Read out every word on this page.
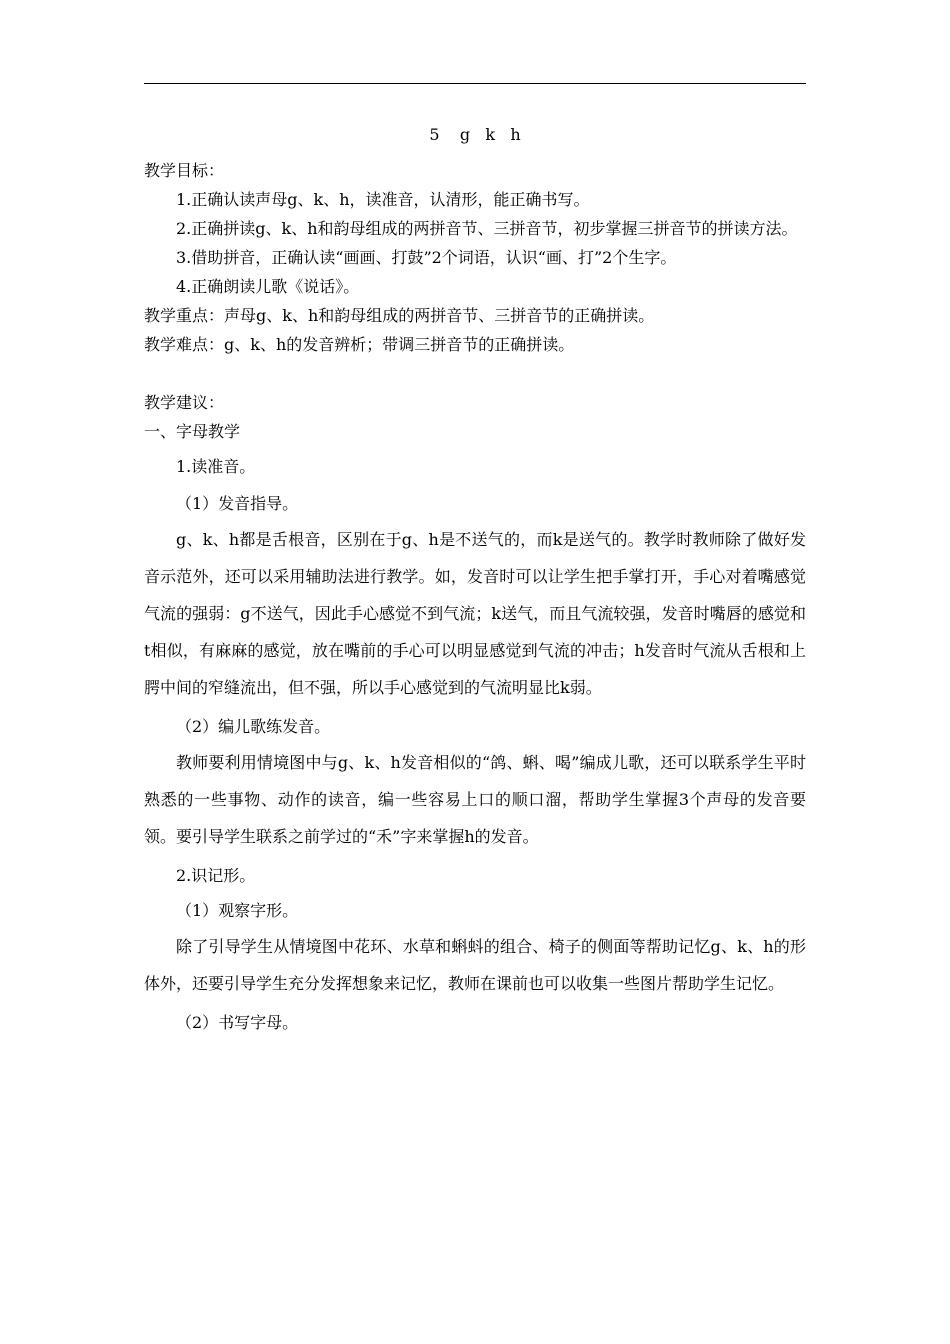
5    g   k   h

教学目标：

1.正确认读声母g、k、h，读准音，认清形，能正确书写。

2.正确拼读g、k、h和韵母组成的两拼音节、三拼音节，初步掌握三拼音节的拼读方法。

3.借助拼音，正确认读“画画、打鼓”2个词语，认识“画、打”2个生字。

4.正确朗读儿歌《说话》。

教学重点：声母g、k、h和韵母组成的两拼音节、三拼音节的正确拼读。

教学难点：g、k、h的发音辨析；带调三拼音节的正确拼读。

教学建议：

一、字母教学

1.读准音。

（1）发音指导。

g、k、h都是舌根音，区别在于g、h是不送气的，而k是送气的。教学时教师除了做好发音示范外，还可以采用辅助法进行教学。如，发音时可以让学生把手掌打开，手心对着嘴感觉气流的强弱：g不送气，因此手心感觉不到气流；k送气，而且气流较强，发音时嘴唇的感觉和t相似，有麻麻的感觉，放在嘴前的手心可以明显感觉到气流的冲击；h发音时气流从舌根和上腭中间的窄缝流出，但不强，所以手心感觉到的气流明显比k弱。

（2）编儿歌练发音。

教师要利用情境图中与g、k、h发音相似的“鸽、蝌、喝”编成儿歌，还可以联系学生平时熟悉的一些事物、动作的读音，编一些容易上口的顺口溜，帮助学生掌握3个声母的发音要领。要引导学生联系之前学过的“禾”字来掌握h的发音。

2.识记形。

（1）观察字形。

除了引导学生从情境图中花环、水草和蝌蚪的组合、椅子的侧面等帮助记忆g、k、h的形体外，还要引导学生充分发挥想象来记忆，教师在课前也可以收集一些图片帮助学生记忆。

（2）书写字母。
